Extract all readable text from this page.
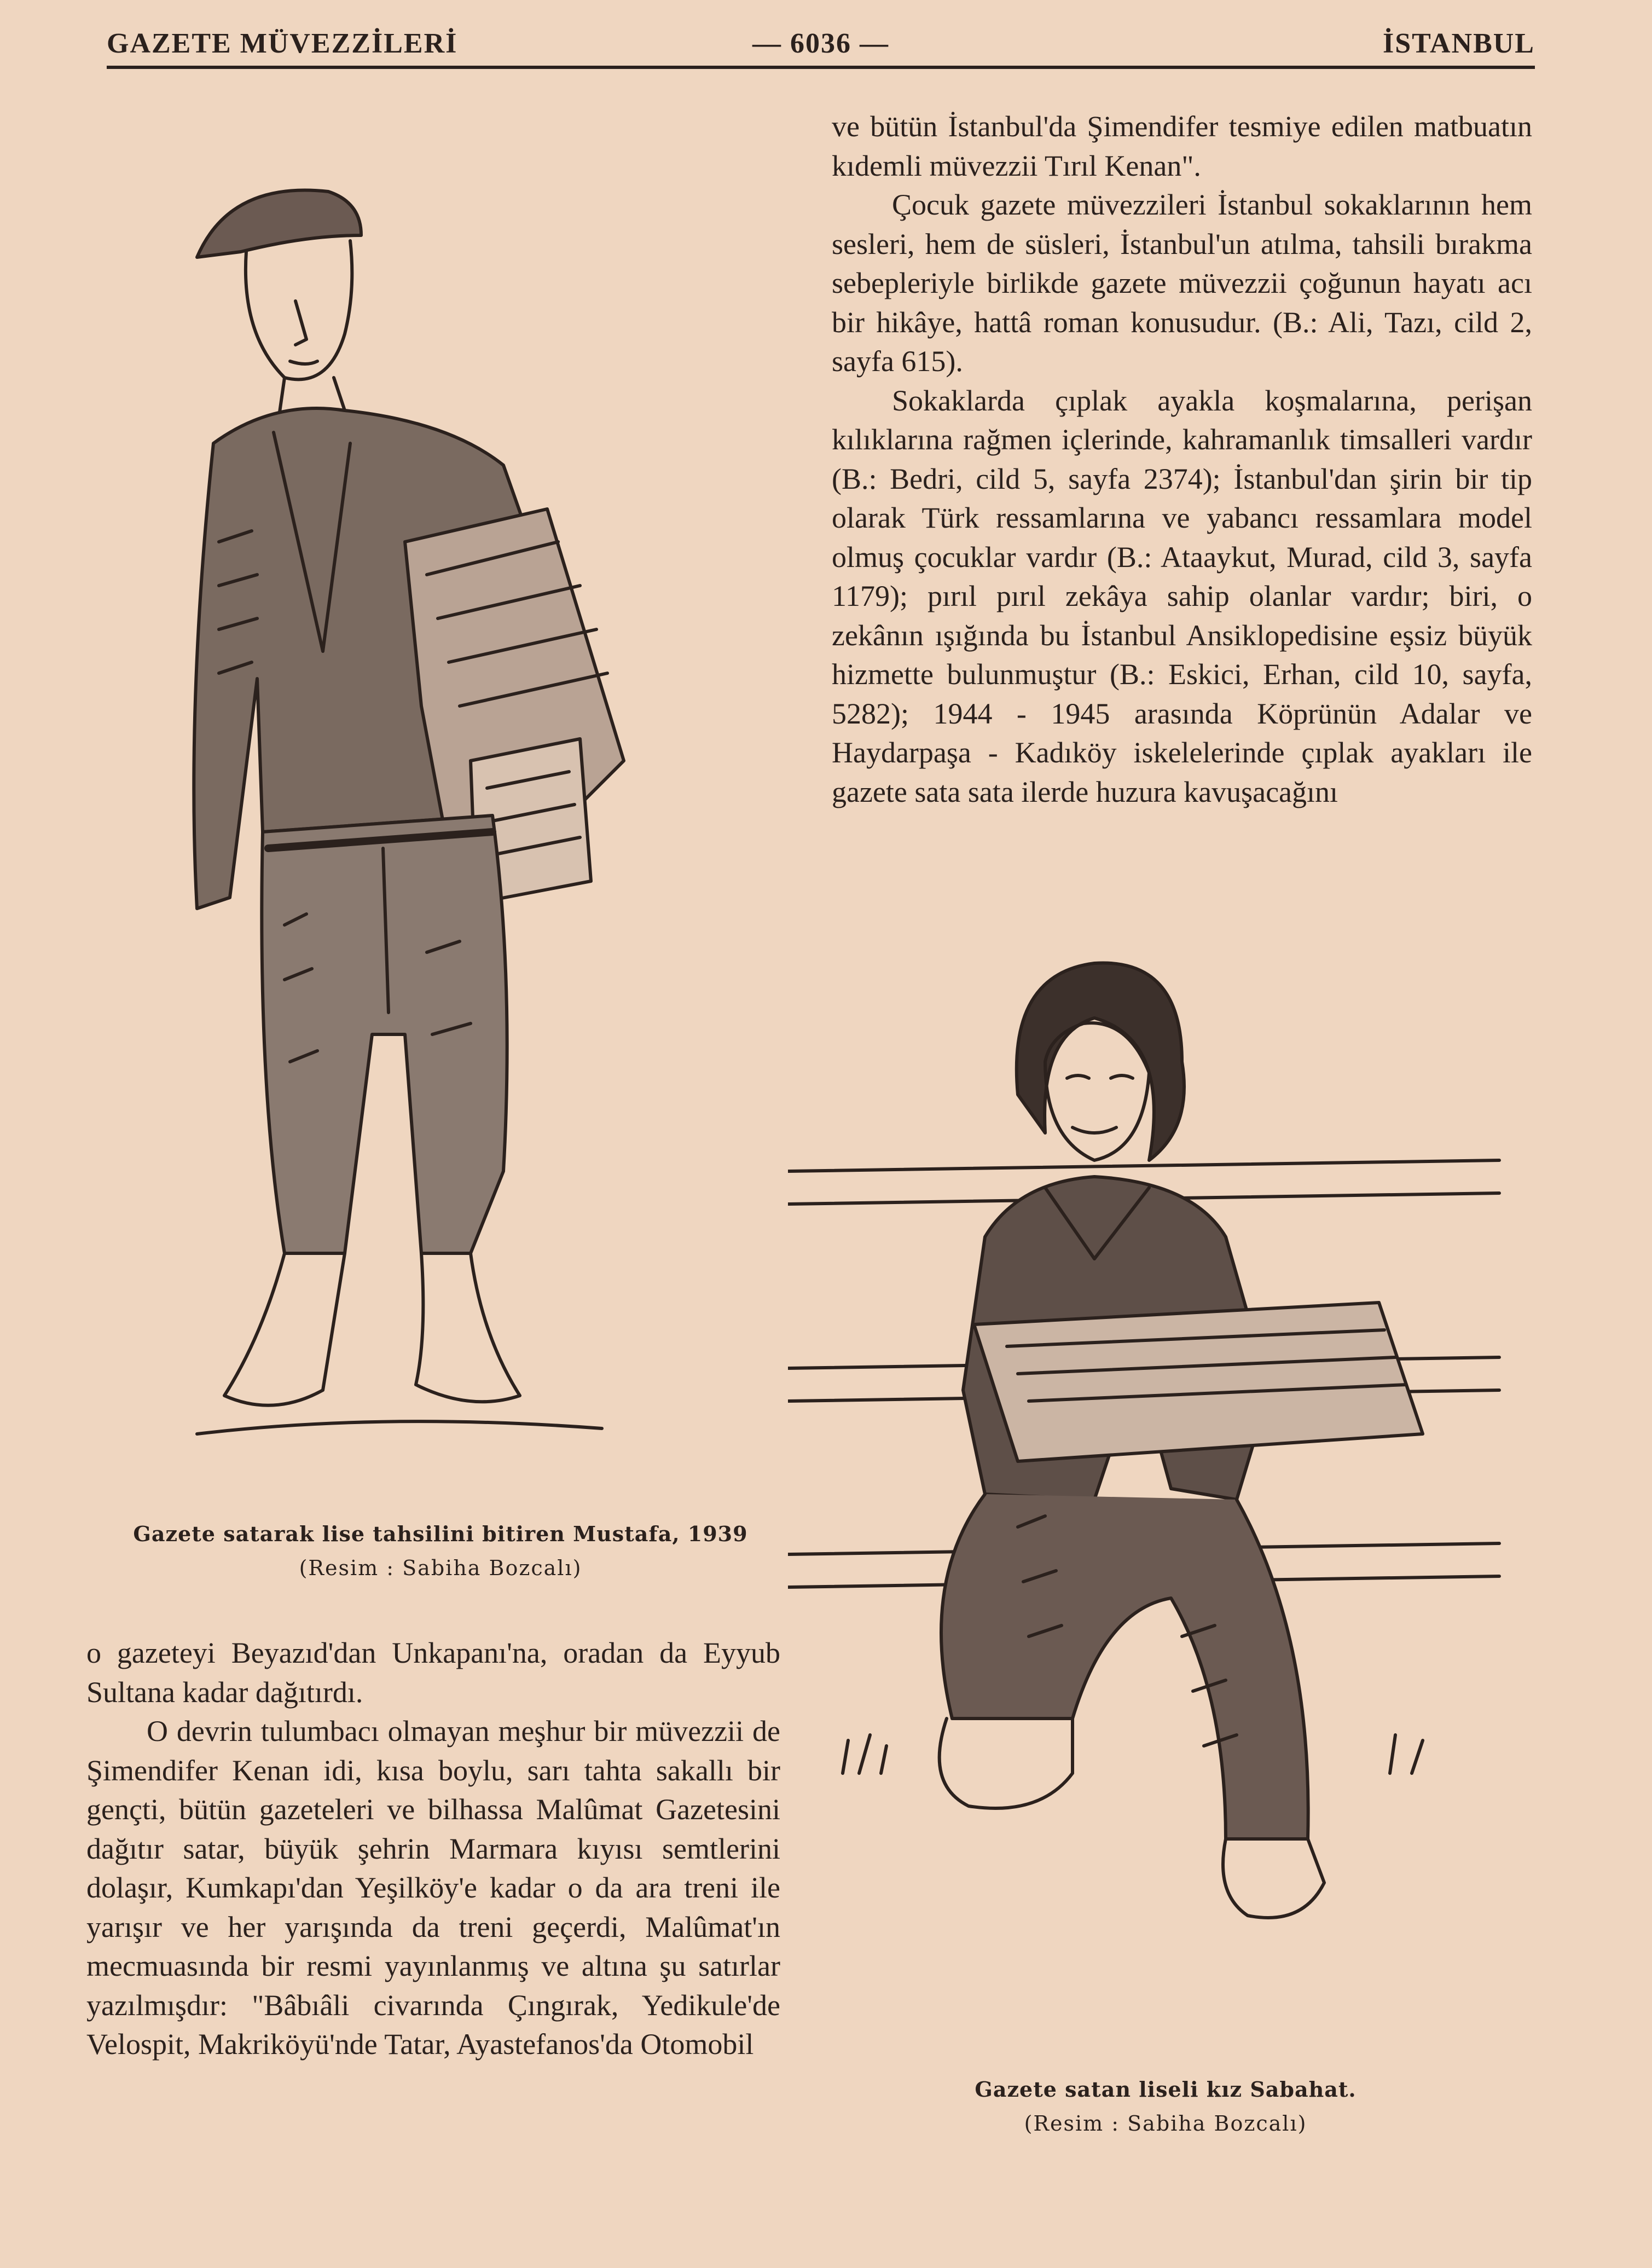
GAZETE MÜVEZZİLERİ	— 6036 —	İSTANBUL
Gazete satarak lise tahsilini bitiren Mustafa, 1939
(Resim : Sabiha Bozcalı)

ve bütün İstanbul'da Şimendifer tesmiye edilen matbuatın kıdemli müvezzii Tırıl Kenan".

Çocuk gazete müvezzileri İstanbul sokaklarının hem sesleri, hem de süsleri, İstanbul'un atılma, tahsili bırakma sebepleriyle birlikde gazete müvezzii çoğunun hayatı acı bir hikâye, hattâ roman konusudur. (B.: Ali, Tazı, cild 2, sayfa 615).

Sokaklarda çıplak ayakla koşmalarına, perişan kılıklarına rağmen içlerinde, kahramanlık timsalleri vardır (B.: Bedri, cild 5, sayfa 2374); İstanbul'dan şirin bir tip olarak Türk ressamlarına ve yabancı ressamlara model olmuş çocuklar vardır (B.: Ataaykut, Murad, cild 3, sayfa 1179); pırıl pırıl zekâya sahip olanlar vardır; biri, o zekânın ışığında bu İstanbul Ansiklopedisine eşsiz büyük hizmette bulunmuştur (B.: Eskici, Erhan, cild 10, sayfa, 5282); 1944 - 1945 arasında Köprünün Adalar ve Haydarpaşa - Kadıköy iskelelerinde çıplak ayakları ile gazete sata sata ilerde huzura kavuşacağını

Gazete satan liseli kız Sabahat.
(Resim : Sabiha Bozcalı)

o gazeteyi Beyazıd'dan Unkapanı'na, oradan da Eyyub Sultana kadar dağıtırdı.

O devrin tulumbacı olmayan meşhur bir müvezzii de Şimendifer Kenan idi, kısa boylu, sarı tahta sakallı bir gençti, bütün gazeteleri ve bilhassa Malûmat Gazetesini dağıtır satar, büyük şehrin Marmara kıyısı semtlerini dolaşır, Kumkapı'dan Yeşilköy'e kadar o da ara treni ile yarışır ve her yarışında da treni geçerdi, Malûmat'ın mecmuasında bir resmi yayınlanmış ve altına şu satırlar yazılmışdır: "Bâbıâli civarında Çıngırak, Yedikule'de Velospit, Makriköyü'nde Tatar, Ayastefanos'da Otomobil
